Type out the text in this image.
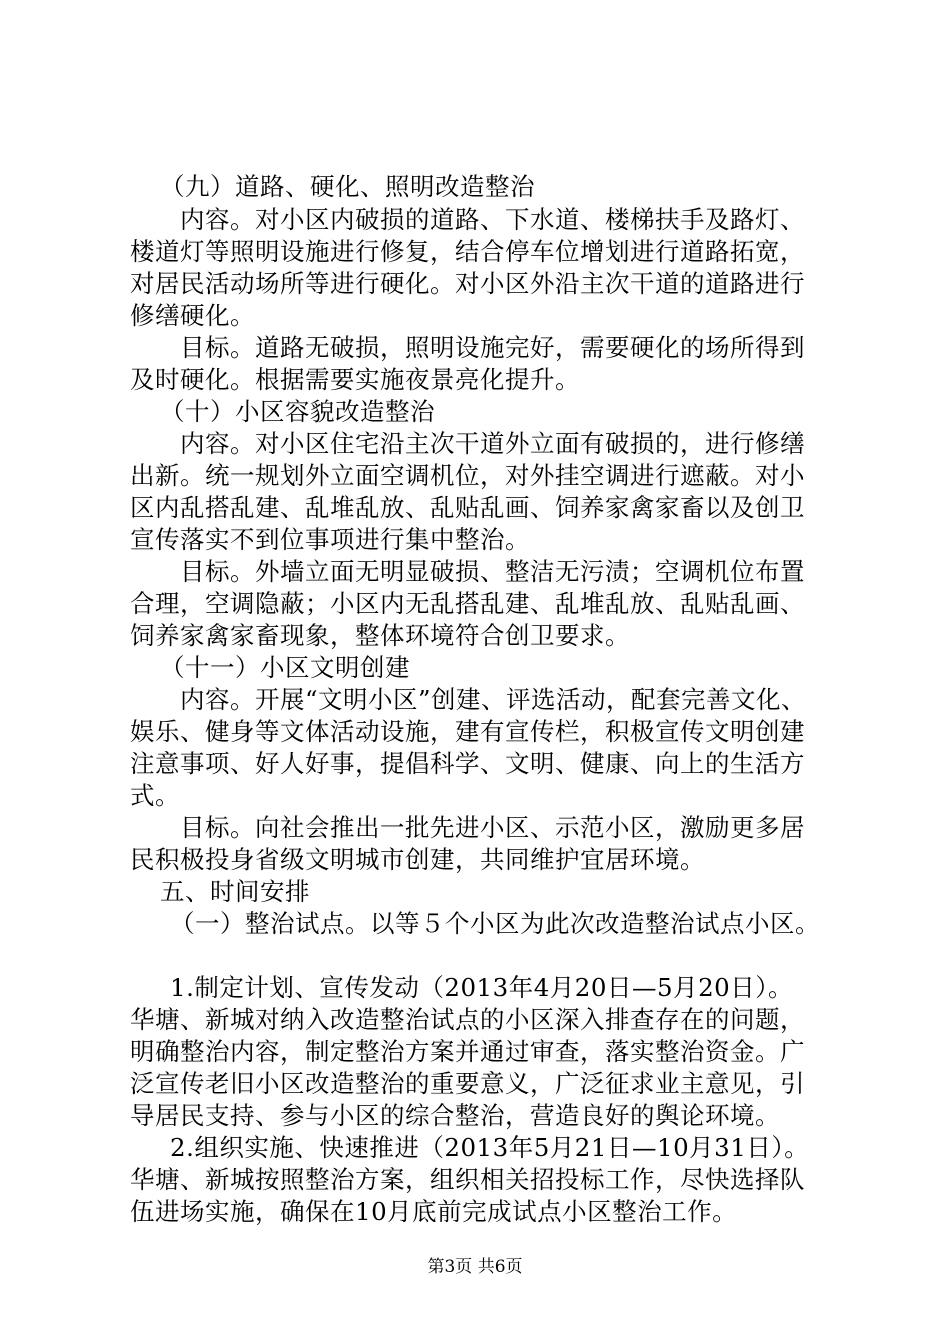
（九）道路、硬化、照明改造整治
内容。对小区内破损的道路、下水道、楼梯扶手及路灯、
楼道灯等照明设施进行修复，结合停车位增划进行道路拓宽，
对居民活动场所等进行硬化。对小区外沿主次干道的道路进行
修缮硬化。
目标。道路无破损，照明设施完好，需要硬化的场所得到
及时硬化。根据需要实施夜景亮化提升。
（十）小区容貌改造整治
内容。对小区住宅沿主次干道外立面有破损的，进行修缮
出新。统一规划外立面空调机位，对外挂空调进行遮蔽。对小
区内乱搭乱建、乱堆乱放、乱贴乱画、饲养家禽家畜以及创卫
宣传落实不到位事项进行集中整治。
目标。外墙立面无明显破损、整洁无污渍；空调机位布置
合理，空调隐蔽；小区内无乱搭乱建、乱堆乱放、乱贴乱画、
饲养家禽家畜现象，整体环境符合创卫要求。
（十一）小区文明创建
内容。开展“文明小区”创建、评选活动，配套完善文化、
娱乐、健身等文体活动设施，建有宣传栏，积极宣传文明创建
注意事项、好人好事，提倡科学、文明、健康、向上的生活方
式。
目标。向社会推出一批先进小区、示范小区，激励更多居
民积极投身省级文明城市创建，共同维护宜居环境。
五、时间安排
（一）整治试点。以等５个小区为此次改造整治试点小区。
1.制定计划、宣传发动（2013年4月20日—5月20日）。
华塘、新城对纳入改造整治试点的小区深入排查存在的问题，
明确整治内容，制定整治方案并通过审查，落实整治资金。广
泛宣传老旧小区改造整治的重要意义，广泛征求业主意见，引
导居民支持、参与小区的综合整治，营造良好的舆论环境。
2.组织实施、快速推进（2013年5月21日—10月31日）。
华塘、新城按照整治方案，组织相关招投标工作，尽快选择队
伍进场实施，确保在10月底前完成试点小区整治工作。
第3页 共6页
